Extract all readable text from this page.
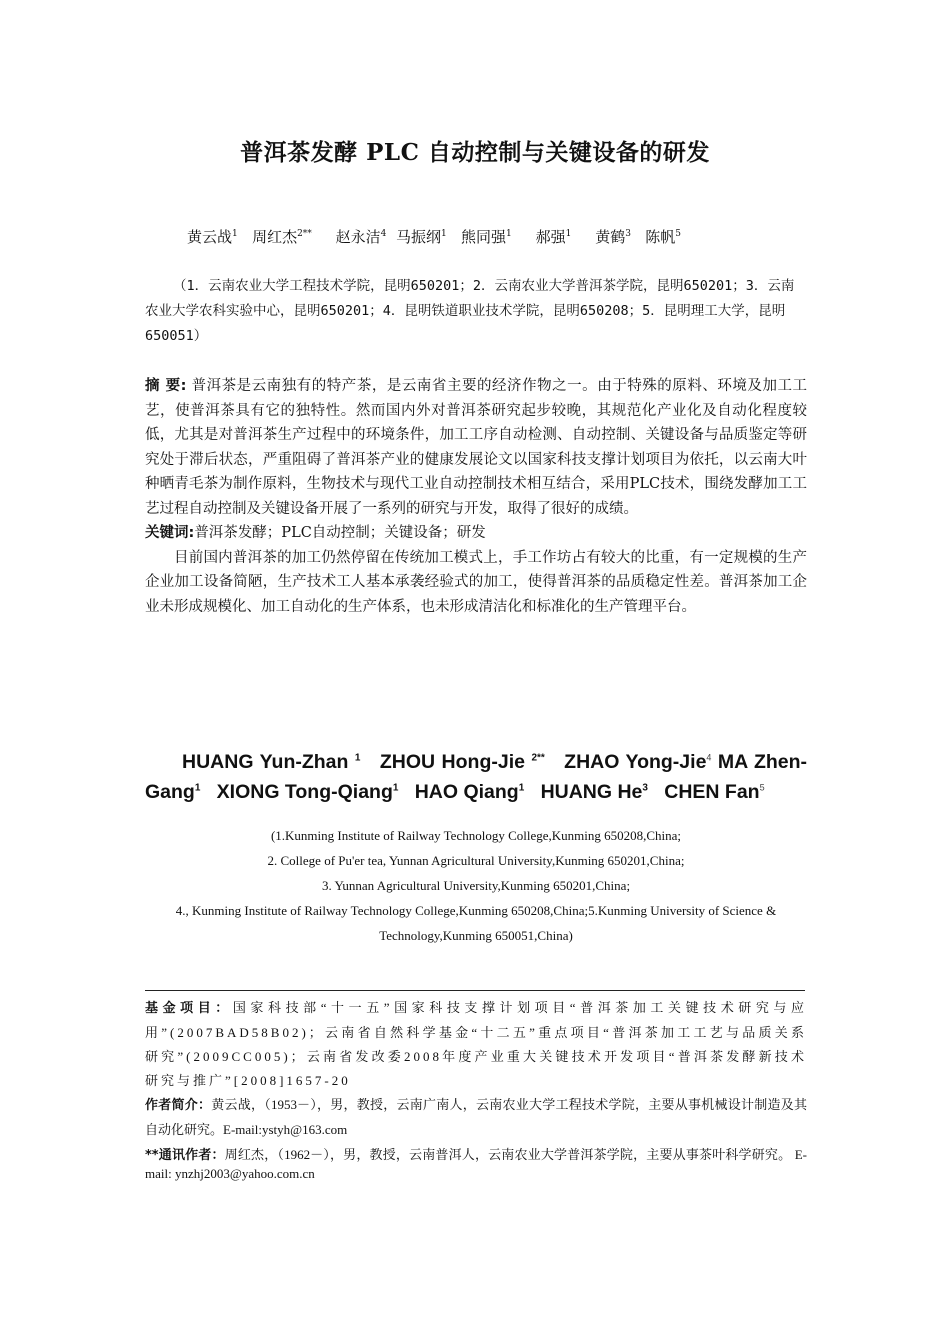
普洱茶发酵 PLC 自动控制与关键设备的研发
黄云战$^1$ 周红杰$^{2**}$ 赵永洁$^4$ 马振纲$^1$ 熊同强$^1$ 郝强$^1$ 黄鹤$^3$ 陈帆$^5$
（1．云南农业大学工程技术学院，昆明650201；2．云南农业大学普洱茶学院，昆明650201；3．云南农业大学农科实验中心，昆明650201；4．昆明铁道职业技术学院，昆明650208；5．昆明理工大学，昆明650051）
摘 要: 普洱茶是云南独有的特产茶，是云南省主要的经济作物之一。由于特殊的原料、环境及加工工艺，使普洱茶具有它的独特性。然而国内外对普洱茶研究起步较晚，其规范化产业化及自动化程度较低，尤其是对普洱茶生产过程中的环境条件，加工工序自动检测、自动控制、关键设备与品质鉴定等研究处于滞后状态，严重阻碍了普洱茶产业的健康发展论文以国家科技支撑计划项目为依托，以云南大叶种晒青毛茶为制作原料，生物技术与现代工业自动控制技术相互结合，采用PLC技术，围绕发酵加工工艺过程自动控制及关键设备开展了一系列的研究与开发，取得了很好的成绩。
关键词:普洱茶发酵；PLC自动控制；关键设备；研发
目前国内普洱茶的加工仍然停留在传统加工模式上，手工作坊占有较大的比重，有一定规模的生产企业加工设备简陋，生产技术工人基本承袭经验式的加工，使得普洱茶的品质稳定性差。普洱茶加工企业未形成规模化、加工自动化的生产体系，也未形成清洁化和标准化的生产管理平台。
HUANG Yun-Zhan $^1$ ZHOU Hong-Jie $^{2**}$ ZHAO Yong-Jie$^4$ MA Zhen-Gang$^1$ XIONG Tong-Qiang$^1$ HAO Qiang$^1$ HUANG He$^3$ CHEN Fan$^5$
(1.Kunming Institute of Railway Technology College,Kunming 650208,China;
2. College of Pu'er tea, Yunnan Agricultural University,Kunming 650201,China;
3. Yunnan Agricultural University,Kunming 650201,China;
4., Kunming Institute of Railway Technology College,Kunming 650208,China;5.Kunming University of Science & Technology,Kunming 650051,China)
基金项目：国家科技部“十一五”国家科技支撑计划项目“普洱茶加工关键技术研究与应用”(2007BAD58B02)；云南省自然科学基金“十二五”重点项目“普洱茶加工工艺与品质关系研究”(2009CC005)；云南省发改委2008年度产业重大关键技术开发项目“普洱茶发酵新技术研究与推广”[2008]1657-20
作者简介：黄云战，（1953－），男，教授，云南广南人，云南农业大学工程技术学院，主要从事机械设计制造及其自动化研究。E-mail:ystyh@163.com
**通讯作者：周红杰，（1962－），男，教授，云南普洱人，云南农业大学普洱茶学院，主要从事茶叶科学研究。 E-mail: ynzhj2003@yahoo.com.cn
